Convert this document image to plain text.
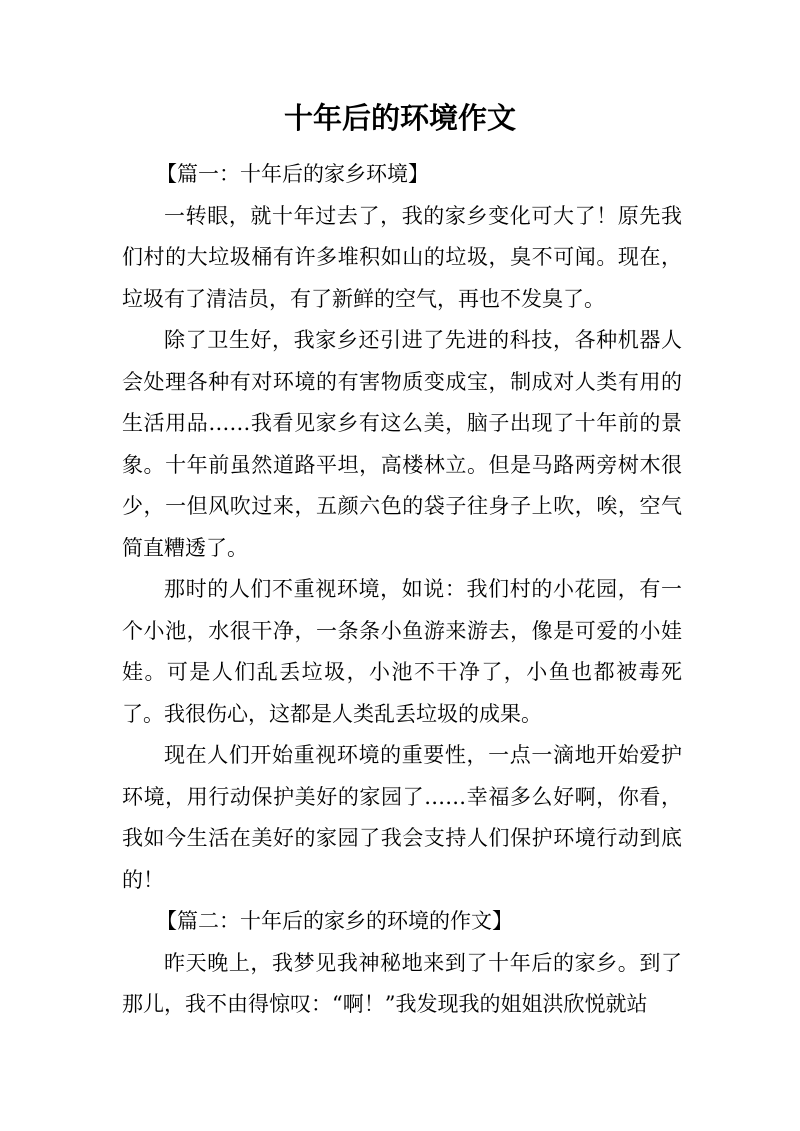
十年后的环境作文

【篇一：十年后的家乡环境】

一转眼，就十年过去了，我的家乡变化可大了！原先我们村的大垃圾桶有许多堆积如山的垃圾，臭不可闻。现在，垃圾有了清洁员，有了新鲜的空气，再也不发臭了。

除了卫生好，我家乡还引进了先进的科技，各种机器人会处理各种有对环境的有害物质变成宝，制成对人类有用的生活用品……我看见家乡有这么美，脑子出现了十年前的景象。十年前虽然道路平坦，高楼林立。但是马路两旁树木很少，一但风吹过来，五颜六色的袋子往身子上吹，唉，空气简直糟透了。

那时的人们不重视环境，如说：我们村的小花园，有一个小池，水很干净，一条条小鱼游来游去，像是可爱的小娃娃。可是人们乱丢垃圾，小池不干净了，小鱼也都被毒死了。我很伤心，这都是人类乱丢垃圾的成果。

现在人们开始重视环境的重要性，一点一滴地开始爱护环境，用行动保护美好的家园了……幸福多么好啊，你看，我如今生活在美好的家园了我会支持人们保护环境行动到底的！

【篇二：十年后的家乡的环境的作文】

昨天晚上，我梦见我神秘地来到了十年后的家乡。到了那儿，我不由得惊叹：“啊！”我发现我的姐姐洪欣悦就站
